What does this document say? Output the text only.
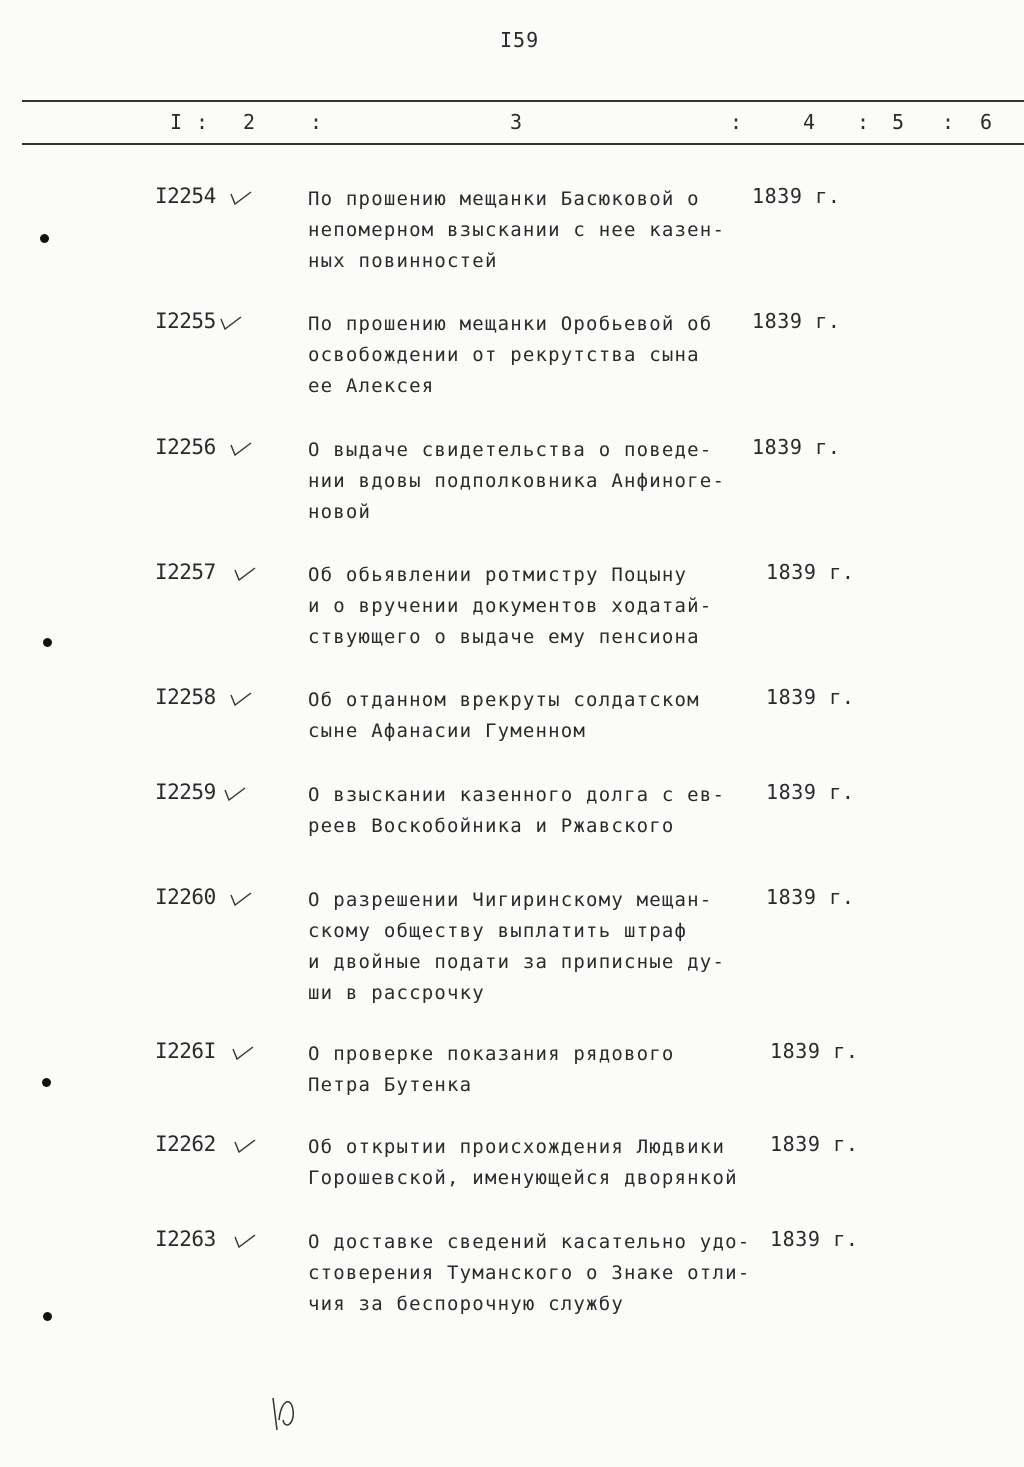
I59
I : 2	:	3	:	4 : 5 : 6
I2254	По прошению мещанки Басюковой о
непомерном взыскании с нее казен-
ных повинностей
1839 г.
I2255	По прошению мещанки Оробьевой об
освобождении от рекрутства сына
ее Алексея
1839 г.
I2256	О выдаче свидетельства о поведе-
нии вдовы подполковника Анфиноге-
новой
1839 г.
I2257	Об обьявлении ротмистру Поцыну
и о вручении документов ходатай-
ствующего о выдаче ему пенсиона
1839 г.
I2258	Об отданном врекруты солдатском
сыне Афанасии Гуменном
1839 г.
I2259	О взыскании казенного долга с ев-
реев Воскобойника и Ржавского
1839 г.
I2260	О разрешении Чигиринскому мещан-
скому обществу выплатить штраф
и двойные подати за приписные ду-
ши в рассрочку
1839 г.
I226I	О проверке показания рядового
Петра Бутенка
1839 г.
I2262	Об открытии происхождения Людвики
Горошевской, именующейся дворянкой
1839 г.
I2263	О доставке сведений касательно удо-
стоверения Туманского о Знаке отли-
чия за беспорочную службу
1839 г.
